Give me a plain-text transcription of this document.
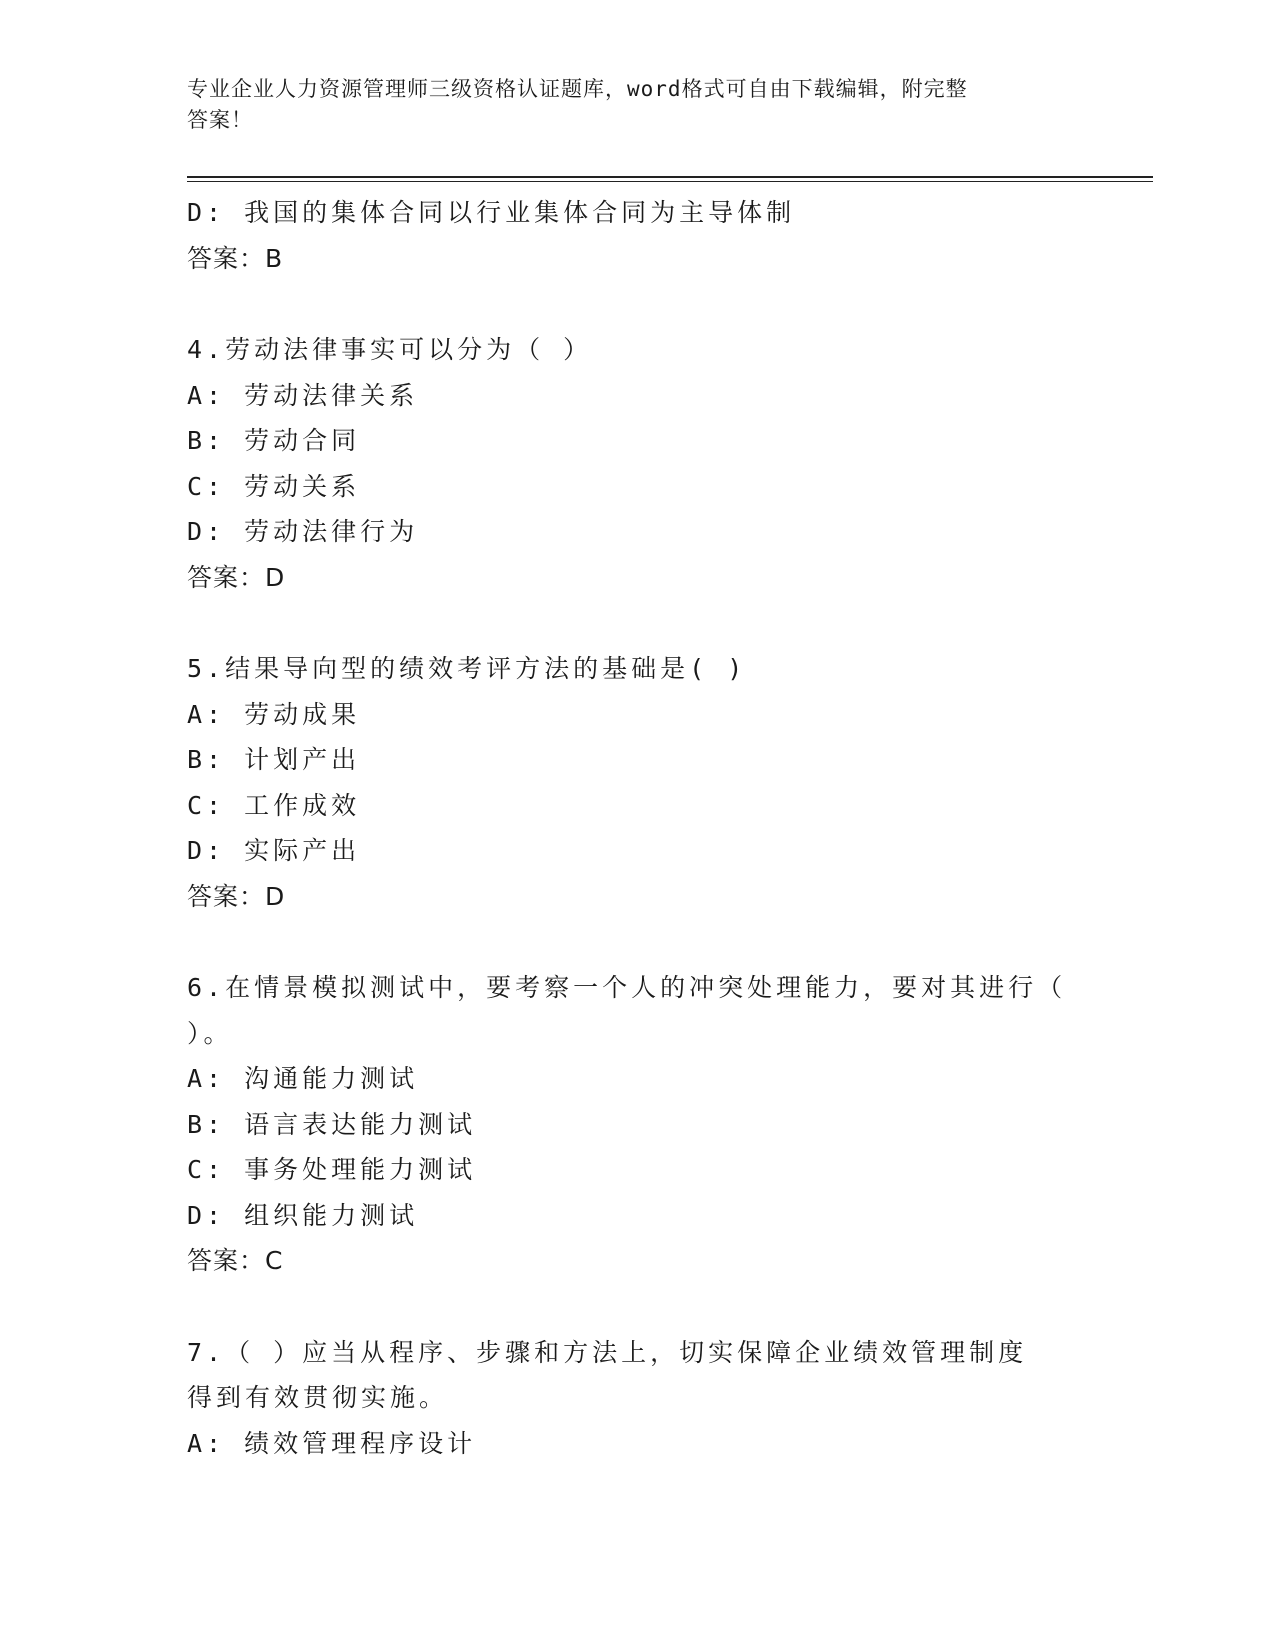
专业企业人力资源管理师三级资格认证题库，word格式可自由下载编辑，附完整
答案！
D: 我国的集体合同以行业集体合同为主导体制
答案：B
4.劳动法律事实可以分为（ ）
A: 劳动法律关系
B: 劳动合同
C: 劳动关系
D: 劳动法律行为
答案：D
5.结果导向型的绩效考评方法的基础是( )
A: 劳动成果
B: 计划产出
C: 工作成效
D: 实际产出
答案：D
6.在情景模拟测试中，要考察一个人的冲突处理能力，要对其进行（
）。
A: 沟通能力测试
B: 语言表达能力测试
C: 事务处理能力测试
D: 组织能力测试
答案：C
7.（ ）应当从程序、步骤和方法上，切实保障企业绩效管理制度
得到有效贯彻实施。
A: 绩效管理程序设计
